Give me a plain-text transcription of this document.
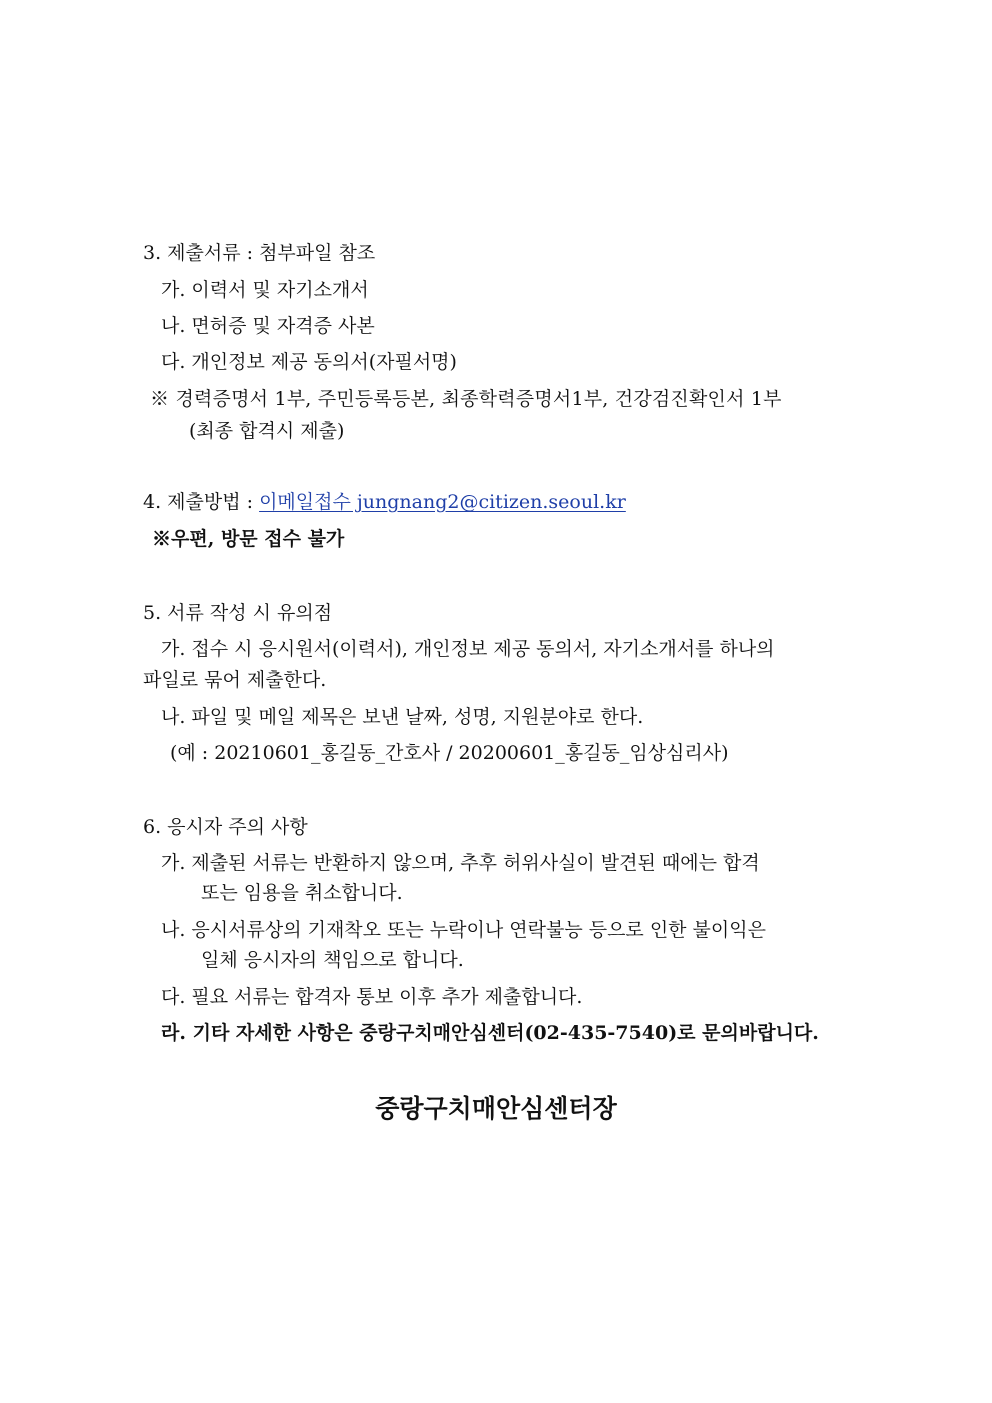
3. 제출서류 : 첨부파일 참조
가. 이력서 및 자기소개서
나. 면허증 및 자격증 사본
다. 개인정보 제공 동의서(자필서명)
※ 경력증명서 1부, 주민등록등본, 최종학력증명서1부, 건강검진확인서 1부
(최종 합격시 제출)
4. 제출방법 : 이메일접수 jungnang2@citizen.seoul.kr
※우편, 방문 접수 불가
5. 서류 작성 시 유의점
가. 접수 시 응시원서(이력서), 개인정보 제공 동의서, 자기소개서를 하나의
파일로 묶어 제출한다.
나. 파일 및 메일 제목은 보낸 날짜, 성명, 지원분야로 한다.
(예 : 20210601_홍길동_간호사 / 20200601_홍길동_임상심리사)
6. 응시자 주의 사항
가. 제출된 서류는 반환하지 않으며, 추후 허위사실이 발견된 때에는 합격
또는 임용을 취소합니다.
나. 응시서류상의 기재착오 또는 누락이나 연락불능 등으로 인한 불이익은
일체 응시자의 책임으로 합니다.
다. 필요 서류는 합격자 통보 이후 추가 제출합니다.
라. 기타 자세한 사항은 중랑구치매안심센터(02-435-7540)로 문의바랍니다.
중랑구치매안심센터장
